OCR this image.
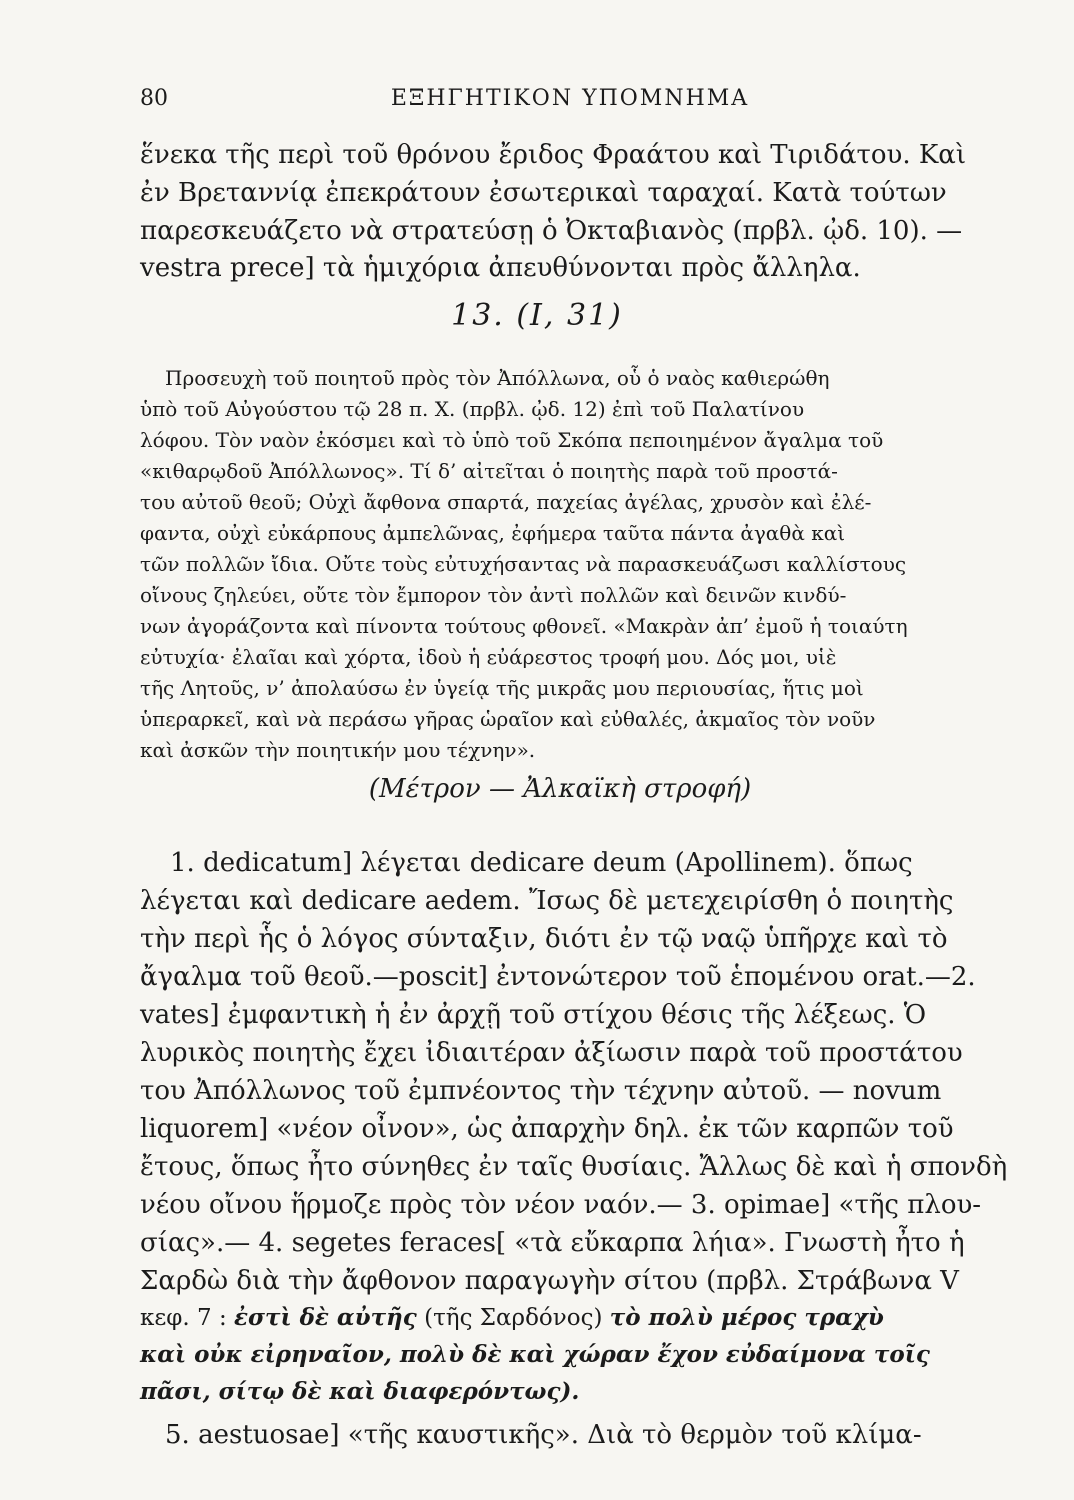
80	ΕΞΗΓΗΤΙΚΟΝ ΥΠΟΜΝΗΜΑ
ἕνεκα τῆς περὶ τοῦ θρόνου ἔριδος Φραάτου καὶ Τιριδάτου. Καὶ
ἐν Βρεταννίᾳ ἐπεκράτουν ἐσωτερικαὶ ταραχαί. Κατὰ τούτων
παρεσκευάζετο νὰ στρατεύσῃ ὁ Ὀκταβιανὸς (πρβλ. ᾠδ. 10). —
vestra prece] τὰ ἡμιχόρια ἀπευθύνονται πρὸς ἄλληλα.
13. (I, 31)
Προσευχὴ τοῦ ποιητοῦ πρὸς τὸν Ἀπόλλωνα, οὗ ὁ ναὸς καθιερώθη
ὑπὸ τοῦ Αὐγούστου τῷ 28 π. Χ. (πρβλ. ᾠδ. 12) ἐπὶ τοῦ Παλατίνου
λόφου. Τὸν ναὸν ἐκόσμει καὶ τὸ ὑπὸ τοῦ Σκόπα πεποιημένον ἄγαλμα τοῦ
«κιθαρῳδοῦ Ἀπόλλωνος». Τί δ’ αἰτεῖται ὁ ποιητὴς παρὰ τοῦ προστά-
του αὐτοῦ θεοῦ; Οὐχὶ ἄφθονα σπαρτά, παχείας ἀγέλας, χρυσὸν καὶ ἐλέ-
φαντα, οὐχὶ εὐκάρπους ἀμπελῶνας, ἐφήμερα ταῦτα πάντα ἀγαθὰ καὶ
τῶν πολλῶν ἴδια. Οὔτε τοὺς εὐτυχήσαντας νὰ παρασκευάζωσι καλλίστους
οἴνους ζηλεύει, οὔτε τὸν ἔμπορον τὸν ἀντὶ πολλῶν καὶ δεινῶν κινδύ-
νων ἀγοράζοντα καὶ πίνοντα τούτους φθονεῖ. «Μακρὰν ἀπ’ ἐμοῦ ἡ τοιαύτη
εὐτυχία· ἐλαῖαι καὶ χόρτα, ἰδοὺ ἡ εὐάρεστος τροφή μου. Δός μοι, υἱὲ
τῆς Λητοῦς, ν’ ἀπολαύσω ἐν ὑγείᾳ τῆς μικρᾶς μου περιουσίας, ἥτις μοὶ
ὑπεραρκεῖ, καὶ νὰ περάσω γῆρας ὡραῖον καὶ εὐθαλές, ἀκμαῖος τὸν νοῦν
καὶ ἀσκῶν τὴν ποιητικήν μου τέχνην».
(Μέτρον — Ἀλκαϊκὴ στροφή)
1. dedicatum] λέγεται dedicare deum (Apollinem). ὅπως
λέγεται καὶ dedicare aedem. Ἴσως δὲ μετεχειρίσθη ὁ ποιητὴς
τὴν περὶ ἧς ὁ λόγος σύνταξιν, διότι ἐν τῷ ναῷ ὑπῆρχε καὶ τὸ
ἄγαλμα τοῦ θεοῦ.—poscit] ἐντονώτερον τοῦ ἑπομένου orat.—2.
vates] ἐμφαντικὴ ἡ ἐν ἀρχῇ τοῦ στίχου θέσις τῆς λέξεως. Ὁ
λυρικὸς ποιητὴς ἔχει ἰδιαιτέραν ἀξίωσιν παρὰ τοῦ προστάτου
του Ἀπόλλωνος τοῦ ἐμπνέοντος τὴν τέχνην αὐτοῦ. — novum
liquorem] «νέον οἶνον», ὡς ἀπαρχὴν δηλ. ἐκ τῶν καρπῶν τοῦ
ἔτους, ὅπως ἦτο σύνηθες ἐν ταῖς θυσίαις. Ἄλλως δὲ καὶ ἡ σπονδὴ
νέου οἴνου ἥρμοζε πρὸς τὸν νέον ναόν.— 3. opimae] «τῆς πλου-
σίας».— 4. segetes feraces[ «τὰ εὔκαρπα λήια». Γνωστὴ ἦτο ἡ
Σαρδὼ διὰ τὴν ἄφθονον παραγωγὴν σίτου (πρβλ. Στράβωνα V
κεφ. 7 : ἐστὶ δὲ αὐτῆς (τῆς Σαρδόνος) τὸ πολὺ μέρος τραχὺ
καὶ οὐκ εἰρηναῖον, πολὺ δὲ καὶ χώραν ἔχον εὐδαίμονα τοῖς
πᾶσι, σίτῳ δὲ καὶ διαφερόντως).
5. aestuosae] «τῆς καυστικῆς». Διὰ τὸ θερμὸν τοῦ κλίμα-
